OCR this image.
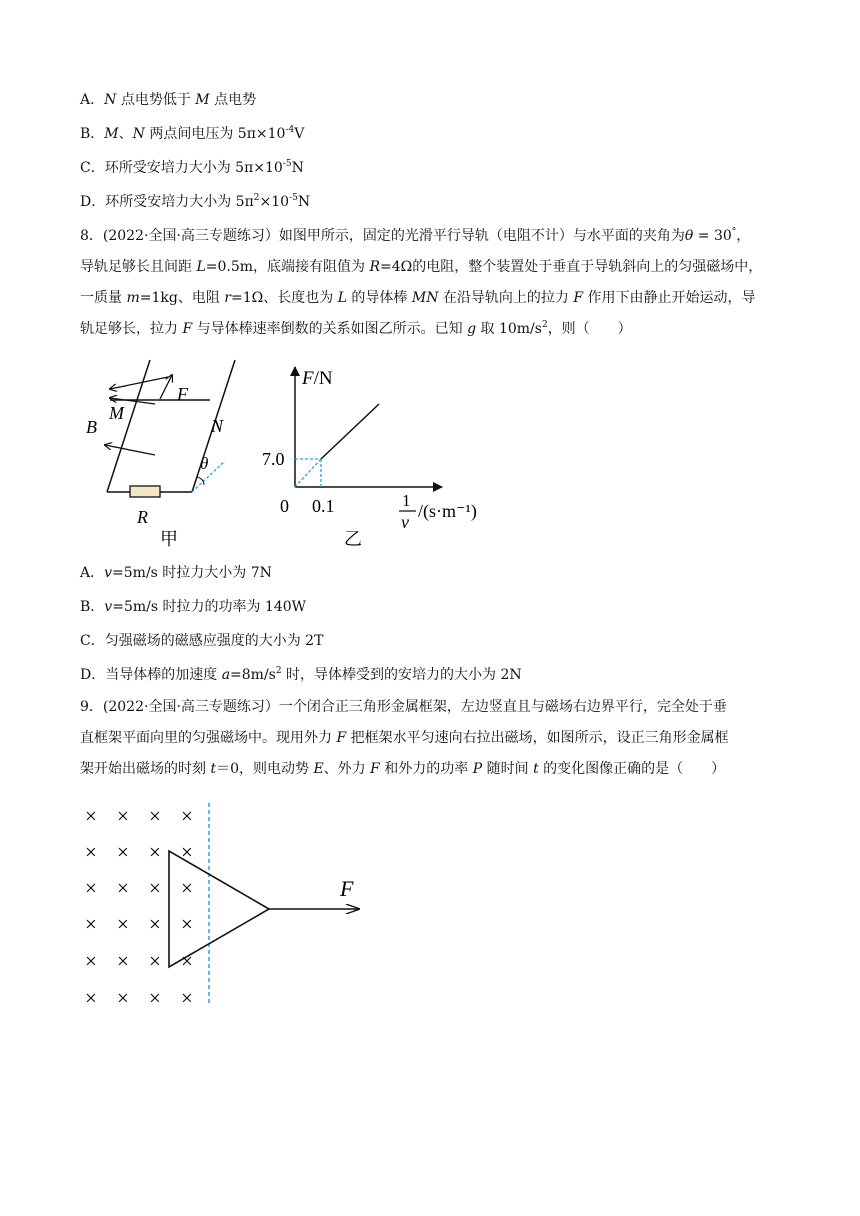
A．N 点电势低于 M 点电势
B．M、N 两点间电压为 $5\pi\times 10^{-4}V$
C．环所受安培力大小为 $5\pi\times 10^{-5}N$
D．环所受安培力大小为 $5\pi^2\times 10^{-5}N$
8．(2022·全国·高三专题练习）如图甲所示，固定的光滑平行导轨（电阻不计）与水平面的夹角为θ = 30°，
导轨足够长且间距 L=0.5m，底端接有阻值为 R=4Ω的电阻，整个装置处于垂直于导轨斜向上的匀强磁场中，
一质量 m=1kg、电阻 r=1Ω、长度也为 L 的导体棒 MN 在沿导轨向上的拉力 F 作用下由静止开始运动，导
轨足够长，拉力 F 与导体棒速率倒数的关系如图乙所示。已知 g 取 $10m/s^2$，则（　　）
θ
F
M
N
B
R
甲
F/N
7.0
0 0.1	1
v
/(s·m⁻¹)
乙
A．v=5m/s 时拉力大小为 7N
B．v=5m/s 时拉力的功率为 140W
C．匀强磁场的磁感应强度的大小为 2T
D．当导体棒的加速度 $a=8m/s^2$ 时，导体棒受到的安培力的大小为 2N
9．(2022·全国·高三专题练习）一个闭合正三角形金属框架，左边竖直且与磁场右边界平行，完全处于垂
直框架平面向里的匀强磁场中。现用外力 F 把框架水平匀速向右拉出磁场，如图所示，设正三角形金属框
架开始出磁场的时刻 t＝0，则电动势 E、外力 F 和外力的功率 P 随时间 t 的变化图像正确的是（　　）
× × × ×
× × × ×
× × × ×
× × × ×
× × × ×
× × × ×
F
